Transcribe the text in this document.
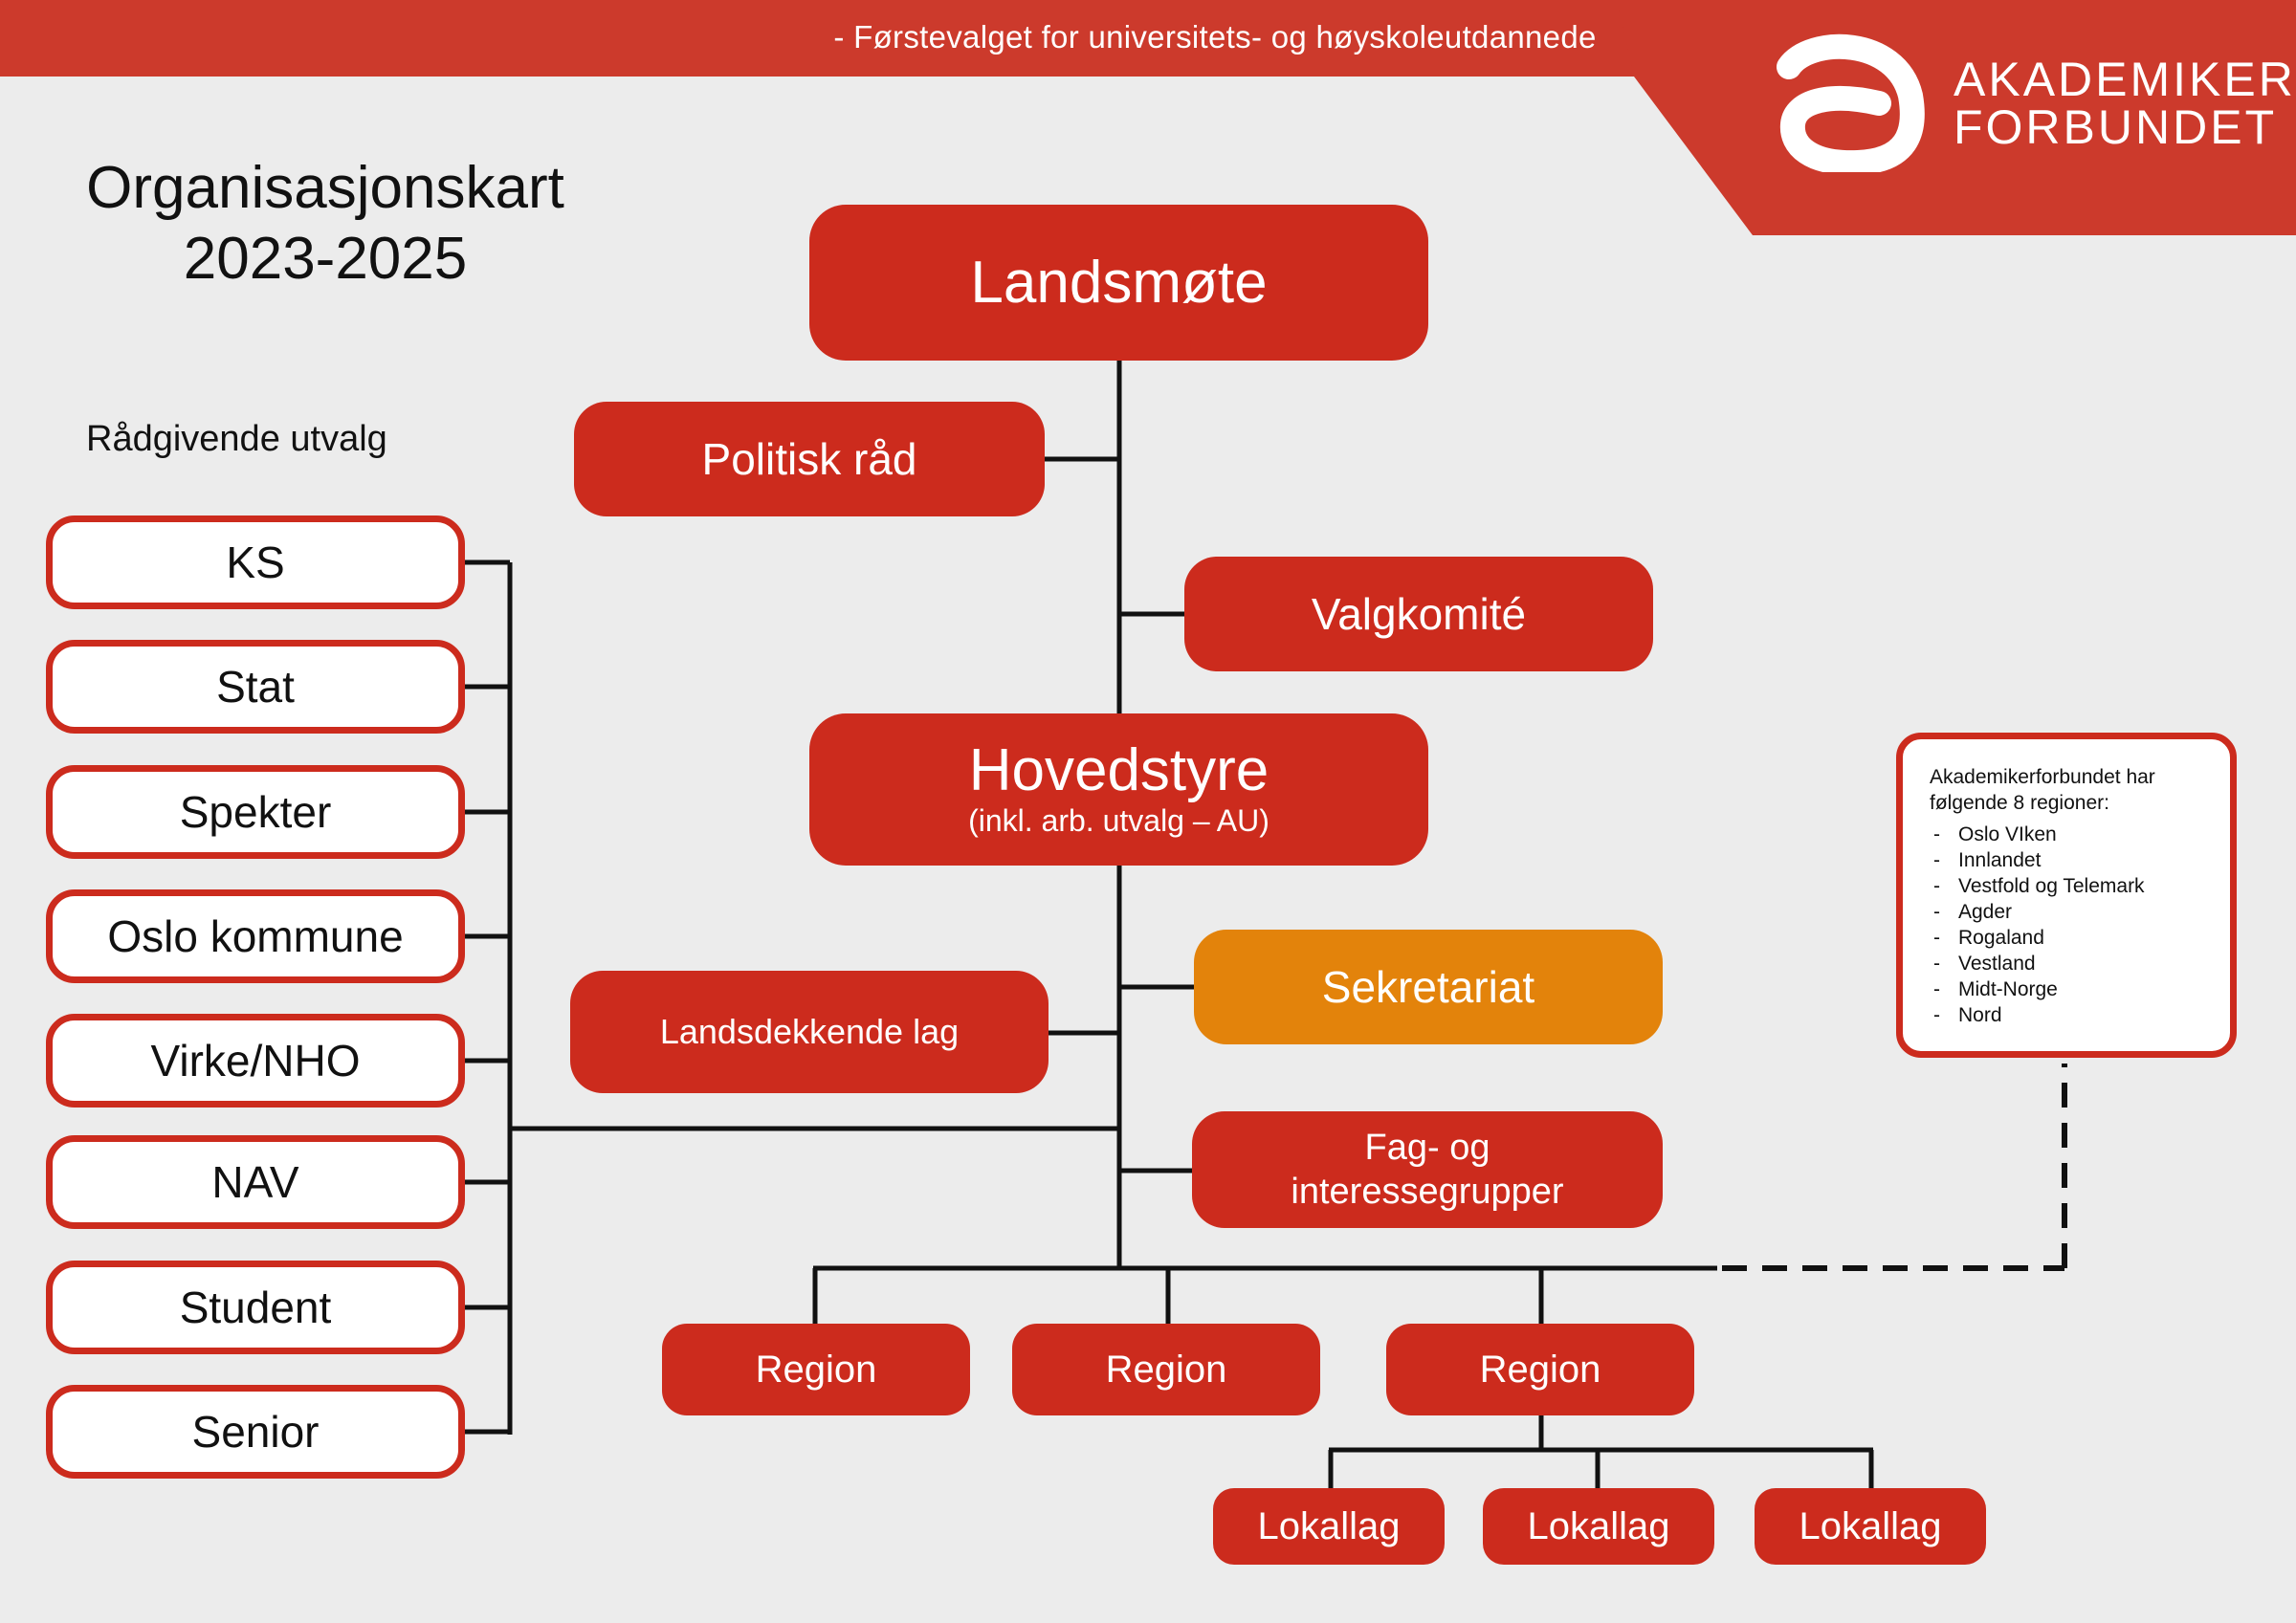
- Førstevalget for universitets- og høyskoleutdannede
AKADEMIKER
FORBUNDET
Organisasjonskart
2023-2025
Rådgivende utvalg
KS
Stat
Spekter
Oslo kommune
Virke/NHO
NAV
Student
Senior
Landsmøte
Politisk råd
Valgkomité
Hovedstyre
(inkl. arb. utvalg – AU)
Sekretariat
Landsdekkende lag
Fag- og
interessegrupper
Region	Region	Region
Lokallag	Lokallag	Lokallag
Akademikerforbundet har
følgende 8 regioner:
- Oslo VIken
- Innlandet
- Vestfold og Telemark
- Agder
- Rogaland
- Vestland
- Midt-Norge
- Nord
